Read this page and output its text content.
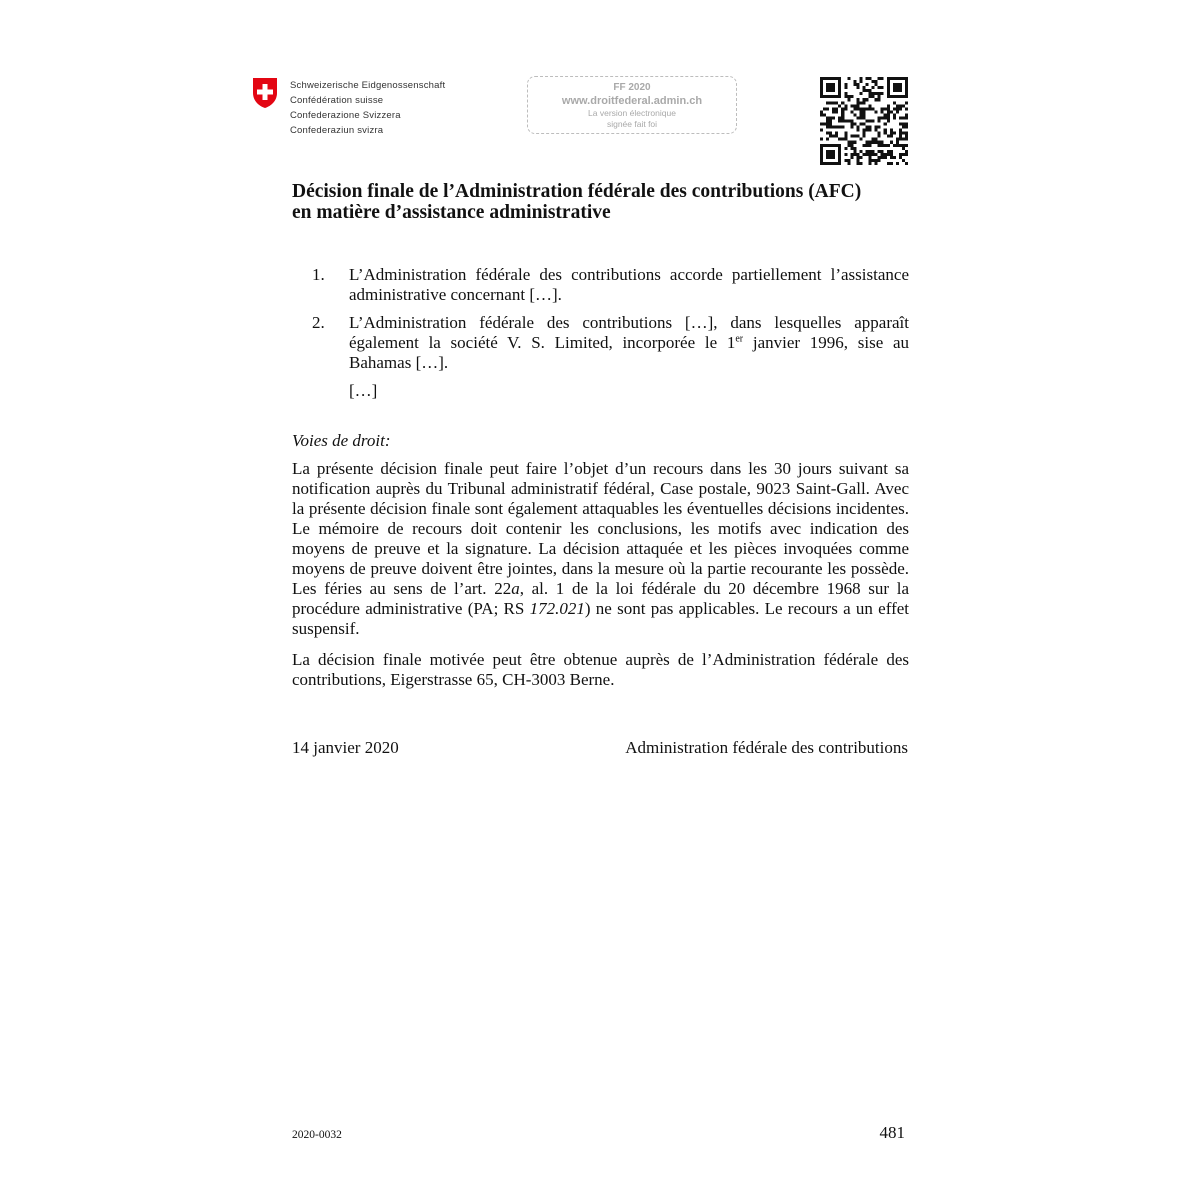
Schweizerische Eidgenossenschaft
Confédération suisse
Confederazione Svizzera
Confederaziun svizra
FF 2020
www.droitfederal.admin.ch
La version électronique
signée fait foi
Décision finale de l’Administration fédérale des contributions (AFC)
en matière d’assistance administrative
1. L’Administration fédérale des contributions accorde partiellement l’assistance administrative concernant […].
2. L’Administration fédérale des contributions […], dans lesquelles apparaît également la société V. S. Limited, incorporée le 1er janvier 1996, sise au Bahamas […].
[…]
Voies de droit:
La présente décision finale peut faire l’objet d’un recours dans les 30 jours suivant sa notification auprès du Tribunal administratif fédéral, Case postale, 9023 Saint-Gall. Avec la présente décision finale sont également attaquables les éventuelles décisions incidentes. Le mémoire de recours doit contenir les conclusions, les motifs avec indication des moyens de preuve et la signature. La décision attaquée et les pièces invoquées comme moyens de preuve doivent être jointes, dans la mesure où la partie recourante les possède. Les féries au sens de l’art. 22a, al. 1 de la loi fédérale du 20 décembre 1968 sur la procédure administrative (PA; RS 172.021) ne sont pas applicables. Le recours a un effet suspensif.
La décision finale motivée peut être obtenue auprès de l’Administration fédérale des contributions, Eigerstrasse 65, CH-3003 Berne.
14 janvier 2020	Administration fédérale des contributions
2020-0032	481
